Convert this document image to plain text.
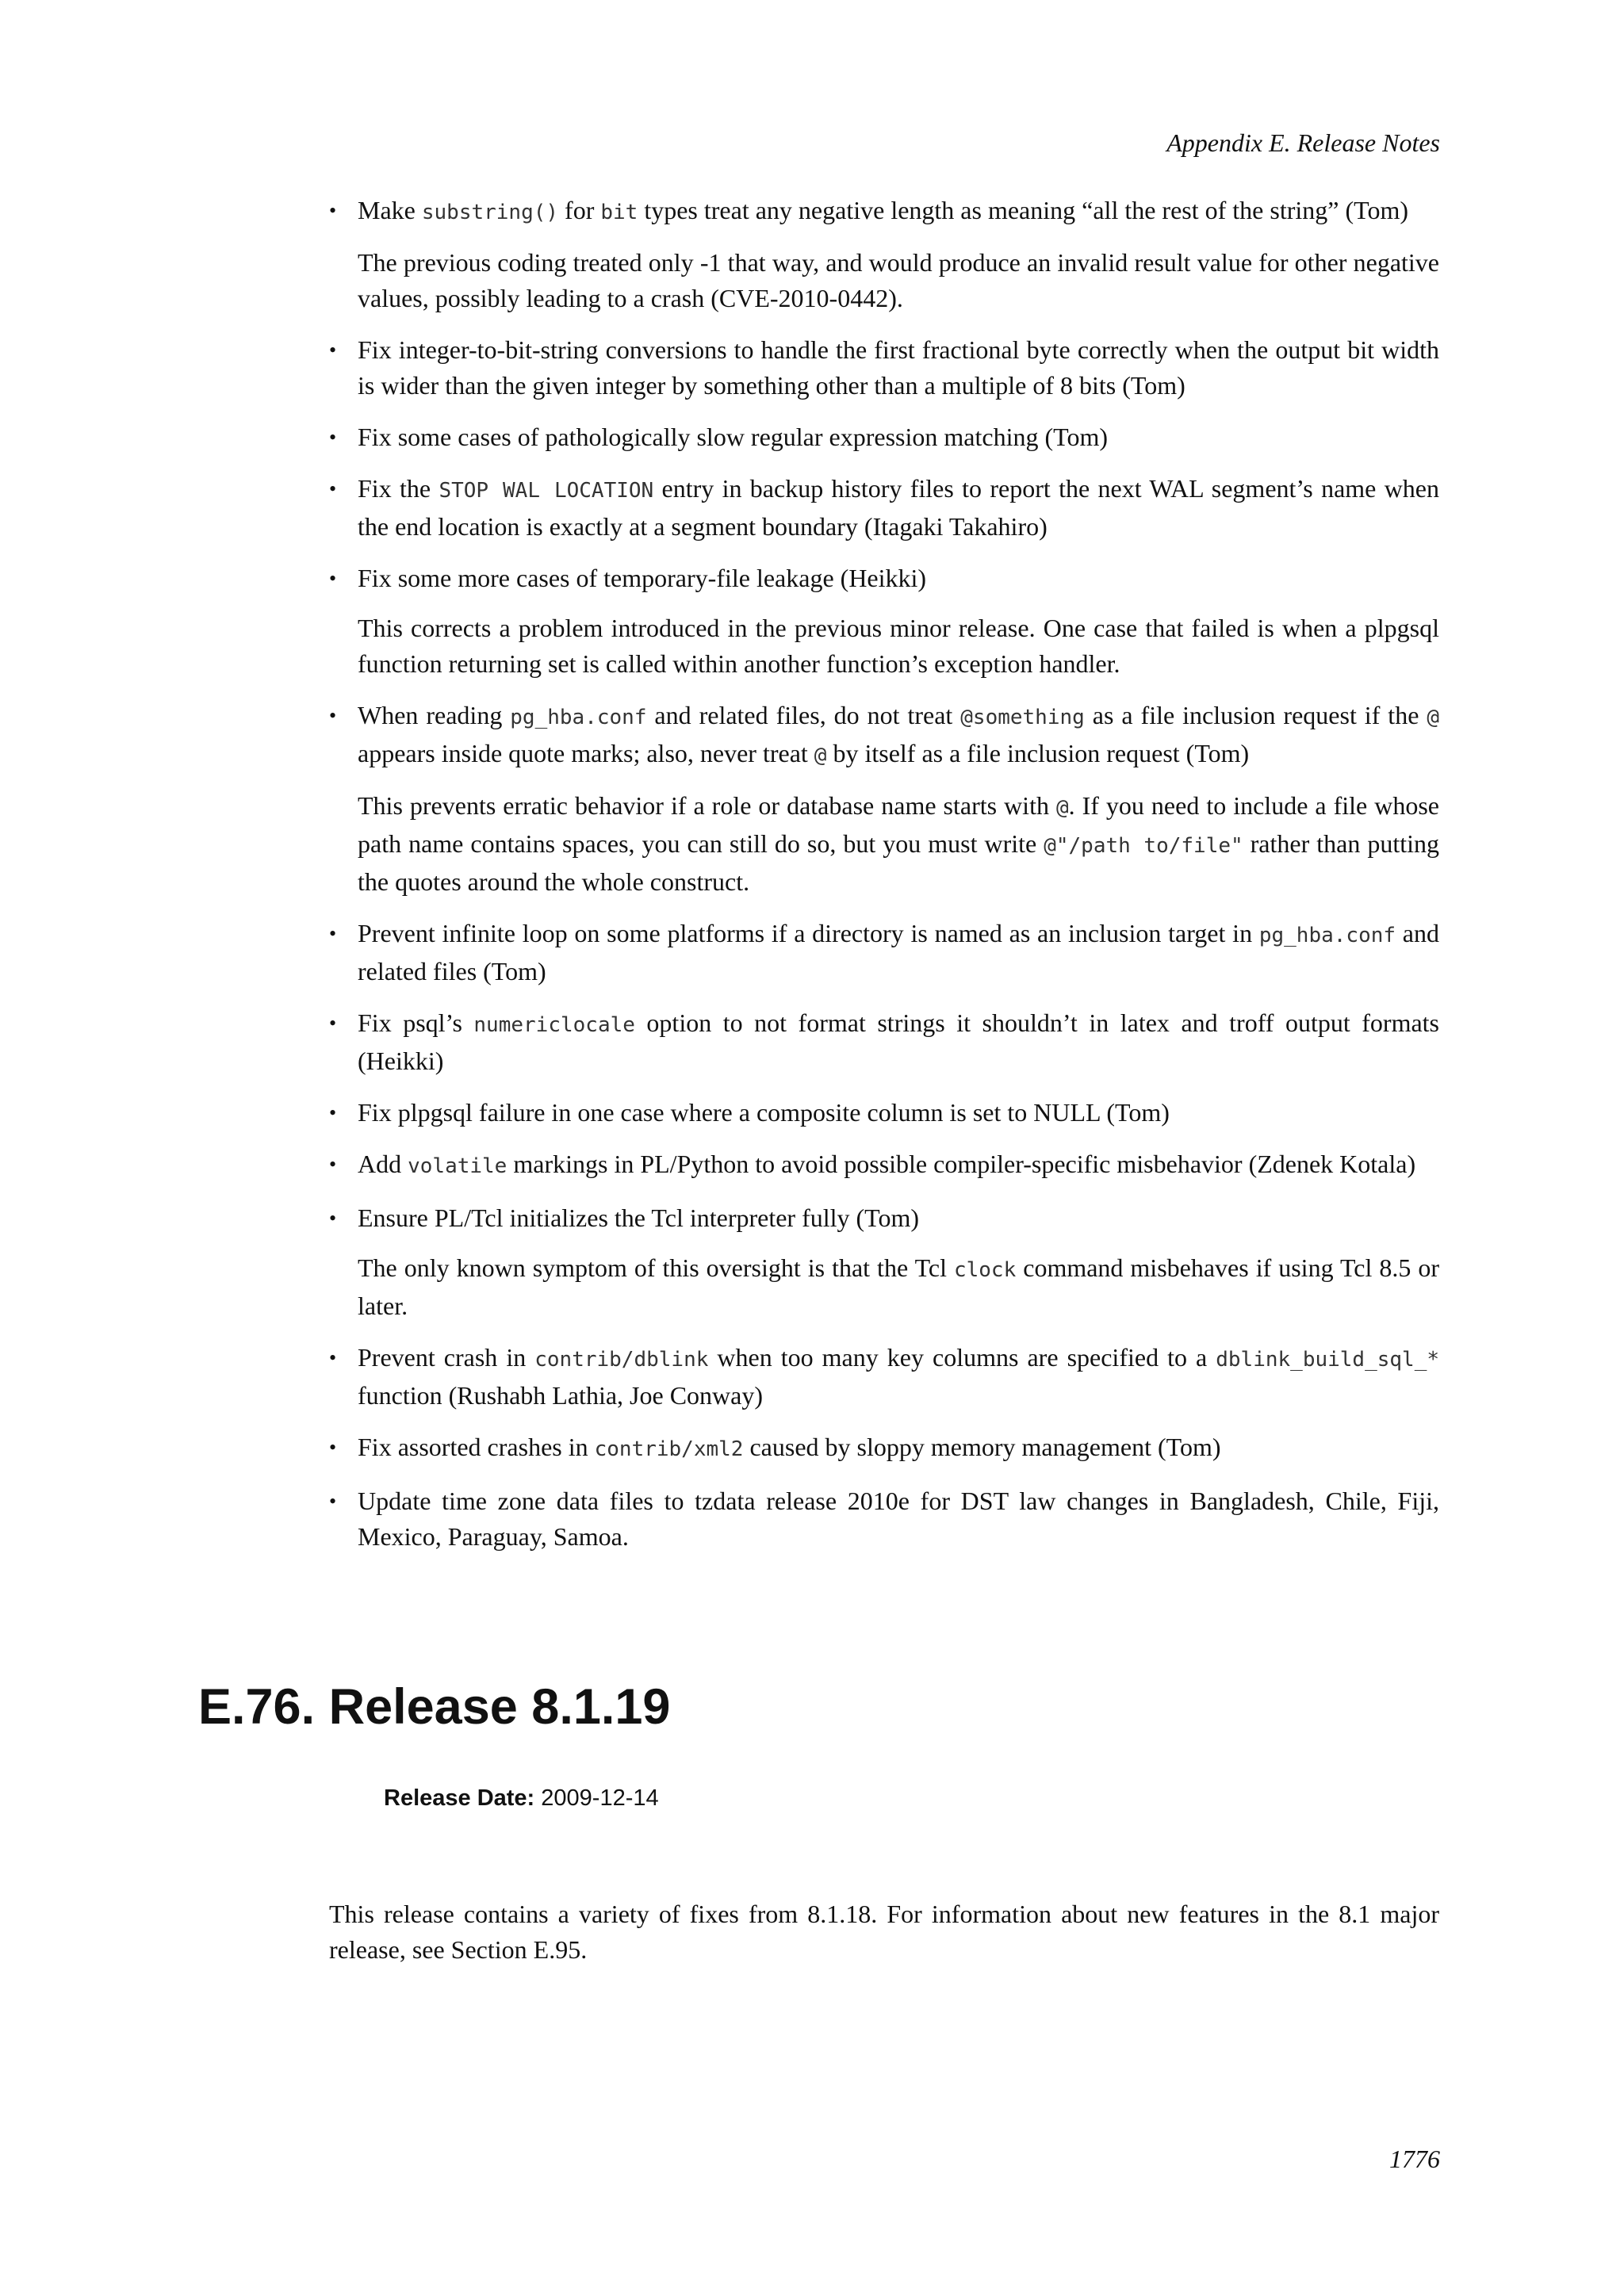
Appendix E. Release Notes

• Make substring() for bit types treat any negative length as meaning “all the rest of the string” (Tom)

The previous coding treated only -1 that way, and would produce an invalid result value for other negative values, possibly leading to a crash (CVE-2010-0442).

• Fix integer-to-bit-string conversions to handle the first fractional byte correctly when the output bit width is wider than the given integer by something other than a multiple of 8 bits (Tom)

• Fix some cases of pathologically slow regular expression matching (Tom)

• Fix the STOP WAL LOCATION entry in backup history files to report the next WAL segment’s name when the end location is exactly at a segment boundary (Itagaki Takahiro)

• Fix some more cases of temporary-file leakage (Heikki)

This corrects a problem introduced in the previous minor release. One case that failed is when a plpgsql function returning set is called within another function’s exception handler.

• When reading pg_hba.conf and related files, do not treat @something as a file inclusion request if the @ appears inside quote marks; also, never treat @ by itself as a file inclusion request (Tom)

This prevents erratic behavior if a role or database name starts with @. If you need to include a file whose path name contains spaces, you can still do so, but you must write @"/path to/file" rather than putting the quotes around the whole construct.

• Prevent infinite loop on some platforms if a directory is named as an inclusion target in pg_hba.conf and related files (Tom)

• Fix psql’s numericlocale option to not format strings it shouldn’t in latex and troff output formats (Heikki)

• Fix plpgsql failure in one case where a composite column is set to NULL (Tom)

• Add volatile markings in PL/Python to avoid possible compiler-specific misbehavior (Zdenek Kotala)

• Ensure PL/Tcl initializes the Tcl interpreter fully (Tom)

The only known symptom of this oversight is that the Tcl clock command misbehaves if using Tcl 8.5 or later.

• Prevent crash in contrib/dblink when too many key columns are specified to a dblink_build_sql_* function (Rushabh Lathia, Joe Conway)

• Fix assorted crashes in contrib/xml2 caused by sloppy memory management (Tom)

• Update time zone data files to tzdata release 2010e for DST law changes in Bangladesh, Chile, Fiji, Mexico, Paraguay, Samoa.

E.76. Release 8.1.19
Release Date: 2009-12-14

This release contains a variety of fixes from 8.1.18. For information about new features in the 8.1 major release, see Section E.95.

1776
